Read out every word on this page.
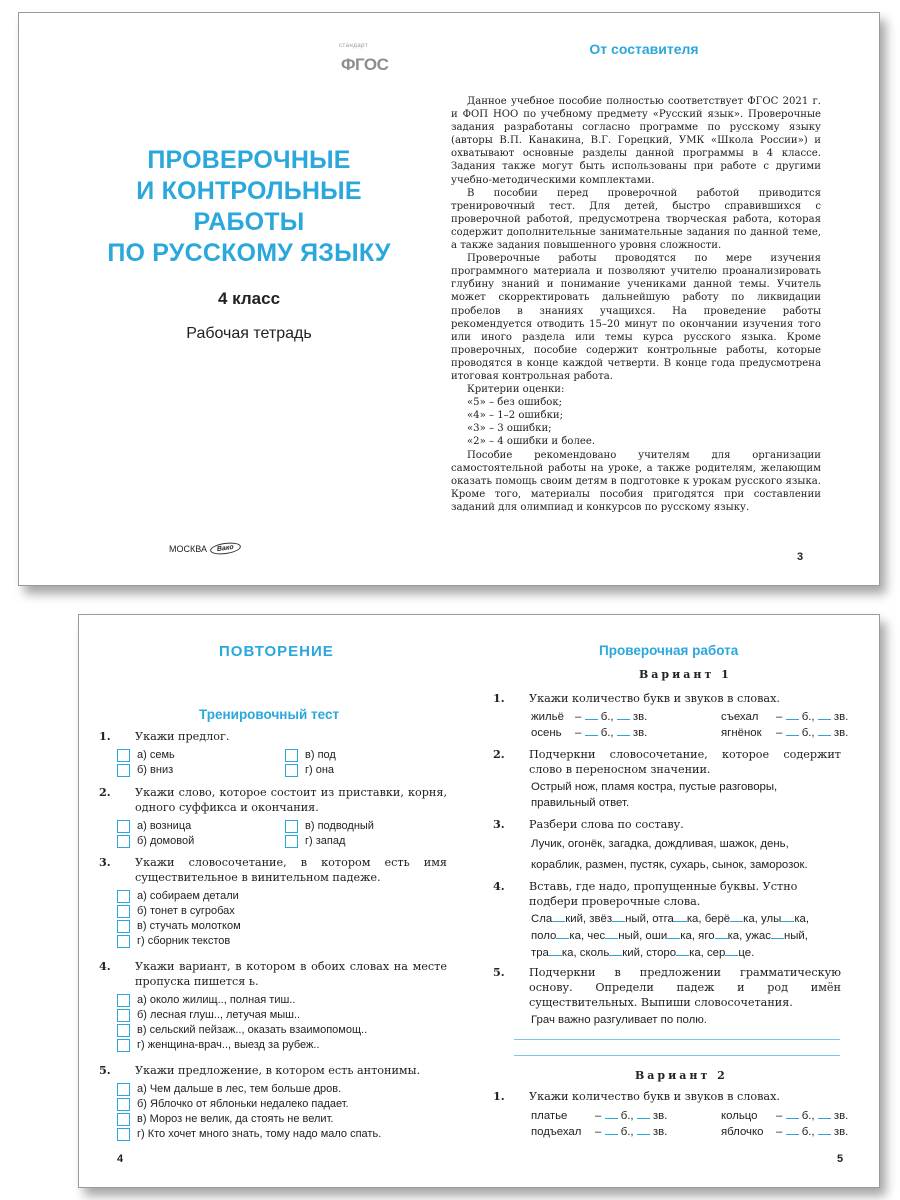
стандарт
ФГОС
ПРОВЕРОЧНЫЕ
И КОНТРОЛЬНЫЕ
РАБОТЫ
ПО РУССКОМУ ЯЗЫКУ
4 класс
Рабочая тетрадь
МОСКВА	Вако
От составителя

Данное учебное пособие полностью соответствует ФГОС 2021 г. и ФОП НОО по учебному предмету «Русский язык». Проверочные задания разработаны согласно программе по русскому языку (авторы В.П. Канакина, В.Г. Горецкий, УМК «Школа России») и охватывают основные разделы данной программы в 4 классе. Задания также могут быть использованы при работе с другими учебно-методическими комплектами.

В пособии перед проверочной работой приводится тренировочный тест. Для детей, быстро справившихся с проверочной работой, предусмотрена творческая работа, которая содержит дополнительные занимательные задания по данной теме, а также задания повышенного уровня сложности.

Проверочные работы проводятся по мере изучения программного материала и позволяют учителю проанализировать глубину знаний и понимание учениками данной темы. Учитель может скорректировать дальнейшую работу по ликвидации пробелов в знаниях учащихся. На проведение работы рекомендуется отводить 15–20 минут по окончании изучения того или иного раздела или темы курса русского языка. Кроме проверочных, пособие содержит контрольные работы, которые проводятся в конце каждой четверти. В конце года предусмотрена итоговая контрольная работа.

Критерии оценки:

«5» – без ошибок;

«4» – 1–2 ошибки;

«3» – 3 ошибки;

«2» – 4 ошибки и более.

Пособие рекомендовано учителям для организации самостоятельной работы на уроке, а также родителям, желающим оказать помощь своим детям в подготовке к урокам русского языка. Кроме того, материалы пособия пригодятся при составлении заданий для олимпиад и конкурсов по русскому языку.

3
ПОВТОРЕНИЕ
Тренировочный тест

1. Укажи предлог.

а) семь	в) под
б) вниз	г) она

2. Укажи слово, которое состоит из приставки, корня, одного суффикса и окончания.

а) возница	в) подводный
б) домовой	г) запад

3. Укажи словосочетание, в котором есть имя существительное в винительном падеже.

а) собираем детали
б) тонет в сугробах
в) стучать молотком
г) сборник текстов

4. Укажи вариант, в котором в обоих словах на месте пропуска пишется ь.

а) около жилищ.., полная тиш..
б) лесная глуш.., летучая мыш..
в) сельский пейзаж.., оказать взаимопомощ..
г) женщина-врач.., выезд за рубеж..

5. Укажи предложение, в котором есть антонимы.

а) Чем дальше в лес, тем больше дров.
б) Яблочко от яблоньки недалеко падает.
в) Мороз не велик, да стоять не велит.
г) Кто хочет много знать, тому надо мало спать.
4
Проверочная работа
Вариант 1

1. Укажи количество букв и звуков в словах.

жильё – б., зв.	съехал – б., зв.
осень – б., зв.	ягнёнок – б., зв.

2. Подчеркни словосочетание, которое содержит слово в переносном значении.

Острый нож, пламя костра, пустые разговоры, правильный ответ.

3. Разбери слова по составу.

Лучик, огонёк, загадка, дождливая, шажок, день,
кораблик, размен, пустяк, сухарь, сынок, заморозок.

4. Вставь, где надо, пропущенные буквы. Устно подбери проверочные слова.

Сла кий, звёз ный, отга ка, берё ка, улы ка,
поло ка, чес ный, оши ка, яго ка, ужас ный,
тра ка, сколь кий, сторо ка, сер це.

5. Подчеркни в предложении грамматическую основу. Определи падеж и род имён существительных. Выпиши словосочетания.

Грач важно разгуливает по полю.
Вариант 2

1. Укажи количество букв и звуков в словах.

платье – б., зв.	кольцо – б., зв.
подъехал – б., зв.	яблочко – б., зв.
5
